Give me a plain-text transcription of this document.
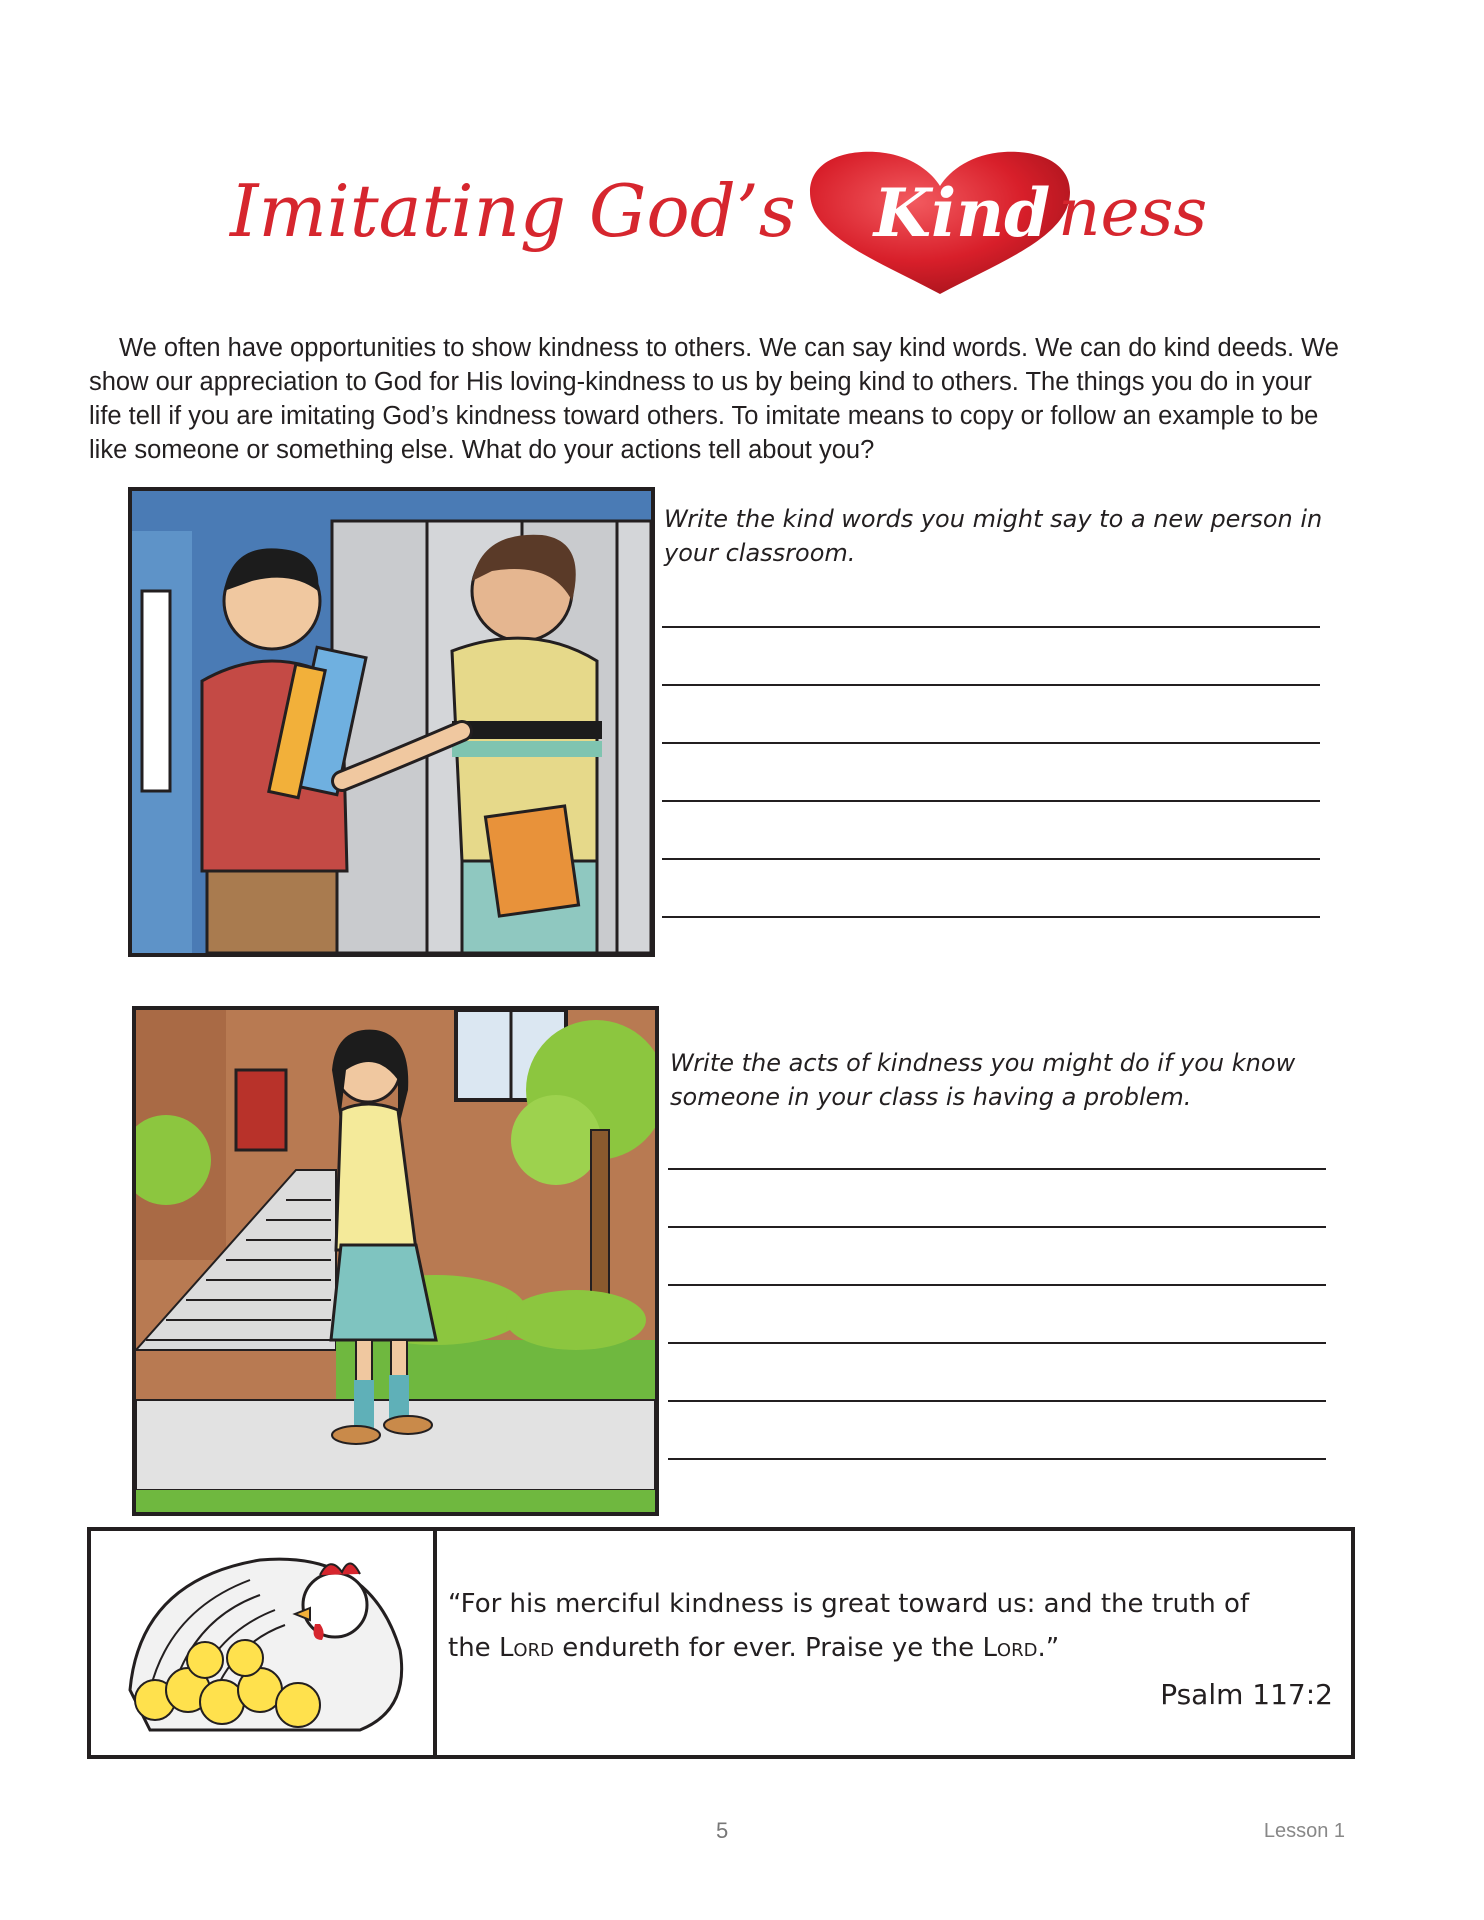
Imitating God’s Kind ness
We often have opportunities to show kindness to others. We can say kind words. We can do kind deeds. We show our appreciation to God for His loving-kindness to us by being kind to others. The things you do in your life tell if you are imitating God’s kindness toward others. To imitate means to copy or follow an example to be like someone or something else. What do your actions tell about you?
Write the kind words you might say to a new person in your classroom.
Write the acts of kindness you might do if you know someone in your class is having a problem.
“For his merciful kindness is great toward us: and the truth of
the Lord endureth for ever. Praise ye the Lord.”
Psalm 117:2
5	Lesson 1
